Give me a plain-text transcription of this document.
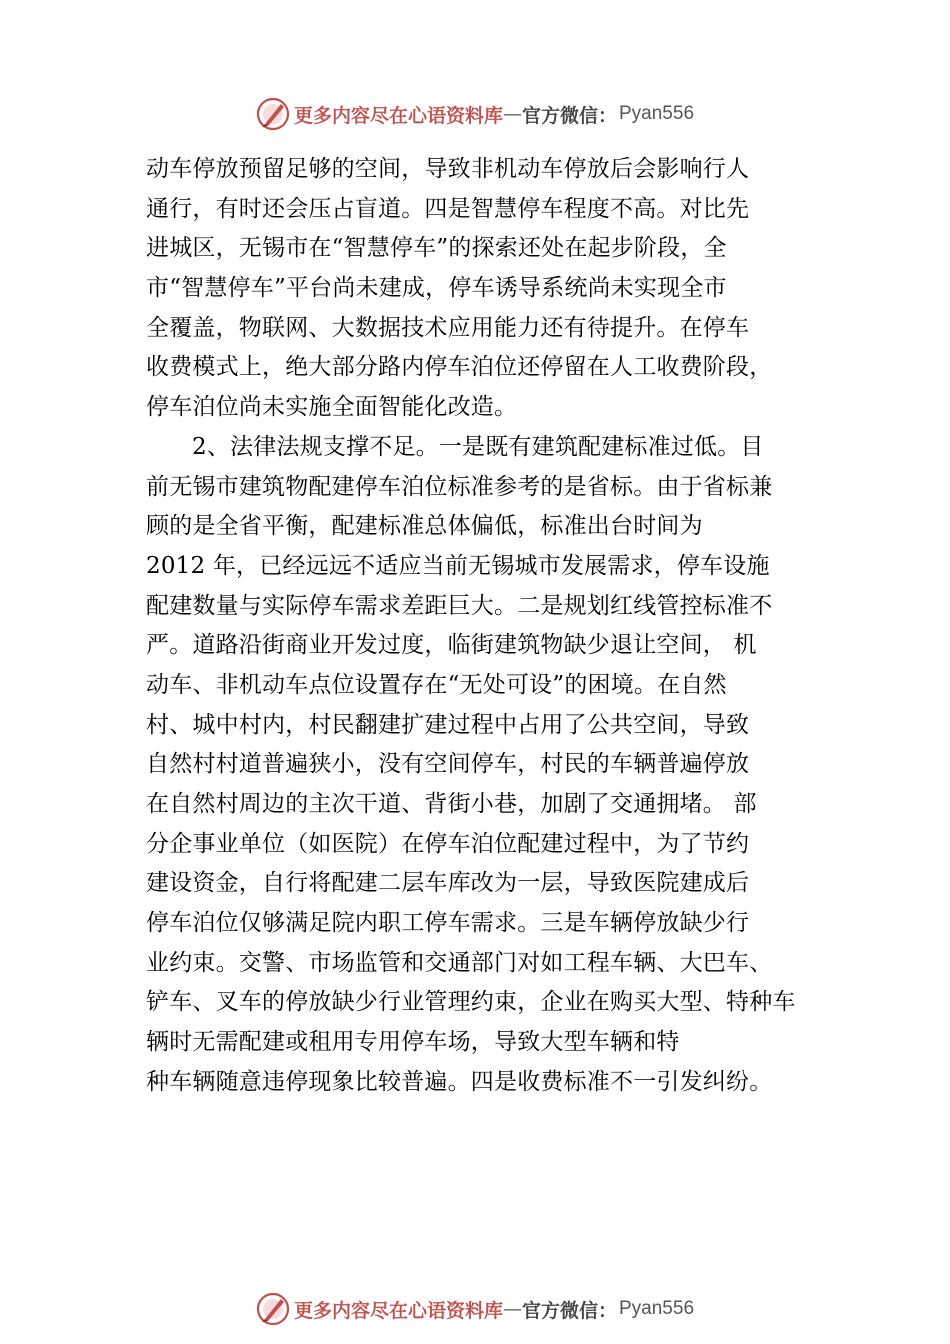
更多内容尽在心语资料库 — 官方微信： Pyan556
动车停放预留足够的空间，导致非机动车停放后会影响行人
通行，有时还会压占盲道。四是智慧停车程度不高。对比先
进城区，无锡市在“智慧停车”的探索还处在起步阶段，全
市“智慧停车”平台尚未建成，停车诱导系统尚未实现全市
全覆盖，物联网、大数据技术应用能力还有待提升。在停车
收费模式上，绝大部分路内停车泊位还停留在人工收费阶段，
停车泊位尚未实施全面智能化改造。
2、法律法规支撑不足。一是既有建筑配建标准过低。目
前无锡市建筑物配建停车泊位标准参考的是省标。由于省标兼
顾的是全省平衡，配建标准总体偏低，标准出台时间为
2012 年，已经远远不适应当前无锡城市发展需求，停车设施
配建数量与实际停车需求差距巨大。二是规划红线管控标准不
严。道路沿街商业开发过度，临街建筑物缺少退让空间， 机
动车、非机动车点位设置存在“无处可设”的困境。在自然
村、城中村内，村民翻建扩建过程中占用了公共空间，导致
自然村村道普遍狭小，没有空间停车，村民的车辆普遍停放
在自然村周边的主次干道、背街小巷，加剧了交通拥堵。 部
分企事业单位（如医院）在停车泊位配建过程中，为了节约
建设资金，自行将配建二层车库改为一层，导致医院建成后
停车泊位仅够满足院内职工停车需求。三是车辆停放缺少行
业约束。交警、市场监管和交通部门对如工程车辆、大巴车、
铲车、叉车的停放缺少行业管理约束，企业在购买大型、特种车
辆时无需配建或租用专用停车场，导致大型车辆和特
种车辆随意违停现象比较普遍。四是收费标准不一引发纠纷。
更多内容尽在心语资料库 — 官方微信： Pyan556
